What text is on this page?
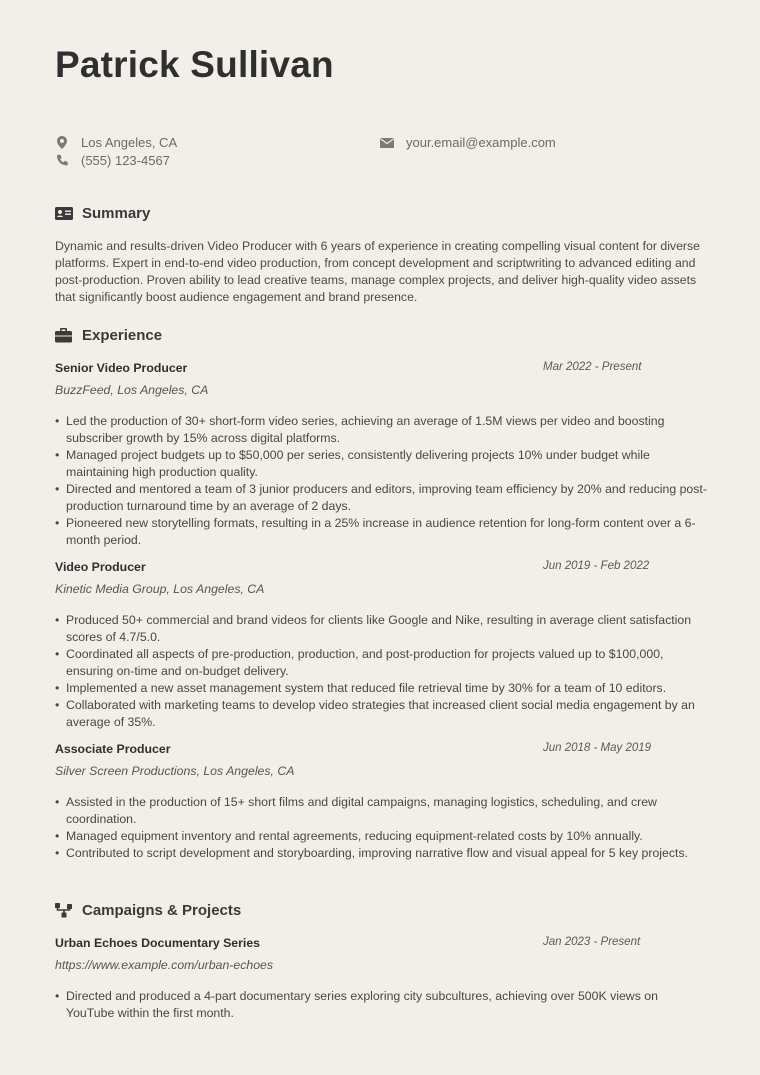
Patrick Sullivan
Los Angeles, CA
(555) 123-4567
your.email@example.com
Summary

Dynamic and results-driven Video Producer with 6 years of experience in creating compelling visual content for diverse platforms. Expert in end-to-end video production, from concept development and scriptwriting to advanced editing and post-production. Proven ability to lead creative teams, manage complex projects, and deliver high-quality video assets that significantly boost audience engagement and brand presence.

Experience
Senior Video Producer	Mar 2022 - Present
BuzzFeed, Los Angeles, CA
• Led the production of 30+ short-form video series, achieving an average of 1.5M views per video and boosting subscriber growth by 15% across digital platforms.
• Managed project budgets up to $50,000 per series, consistently delivering projects 10% under budget while maintaining high production quality.
• Directed and mentored a team of 3 junior producers and editors, improving team efficiency by 20% and reducing post-production turnaround time by an average of 2 days.
• Pioneered new storytelling formats, resulting in a 25% increase in audience retention for long-form content over a 6-month period.
Video Producer	Jun 2019 - Feb 2022
Kinetic Media Group, Los Angeles, CA
• Produced 50+ commercial and brand videos for clients like Google and Nike, resulting in average client satisfaction scores of 4.7/5.0.
• Coordinated all aspects of pre-production, production, and post-production for projects valued up to $100,000, ensuring on-time and on-budget delivery.
• Implemented a new asset management system that reduced file retrieval time by 30% for a team of 10 editors.
• Collaborated with marketing teams to develop video strategies that increased client social media engagement by an average of 35%.
Associate Producer	Jun 2018 - May 2019
Silver Screen Productions, Los Angeles, CA
• Assisted in the production of 15+ short films and digital campaigns, managing logistics, scheduling, and crew coordination.
• Managed equipment inventory and rental agreements, reducing equipment-related costs by 10% annually.
• Contributed to script development and storyboarding, improving narrative flow and visual appeal for 5 key projects.
Campaigns & Projects
Urban Echoes Documentary Series	Jan 2023 - Present
https://www.example.com/urban-echoes
• Directed and produced a 4-part documentary series exploring city subcultures, achieving over 500K views on YouTube within the first month.
